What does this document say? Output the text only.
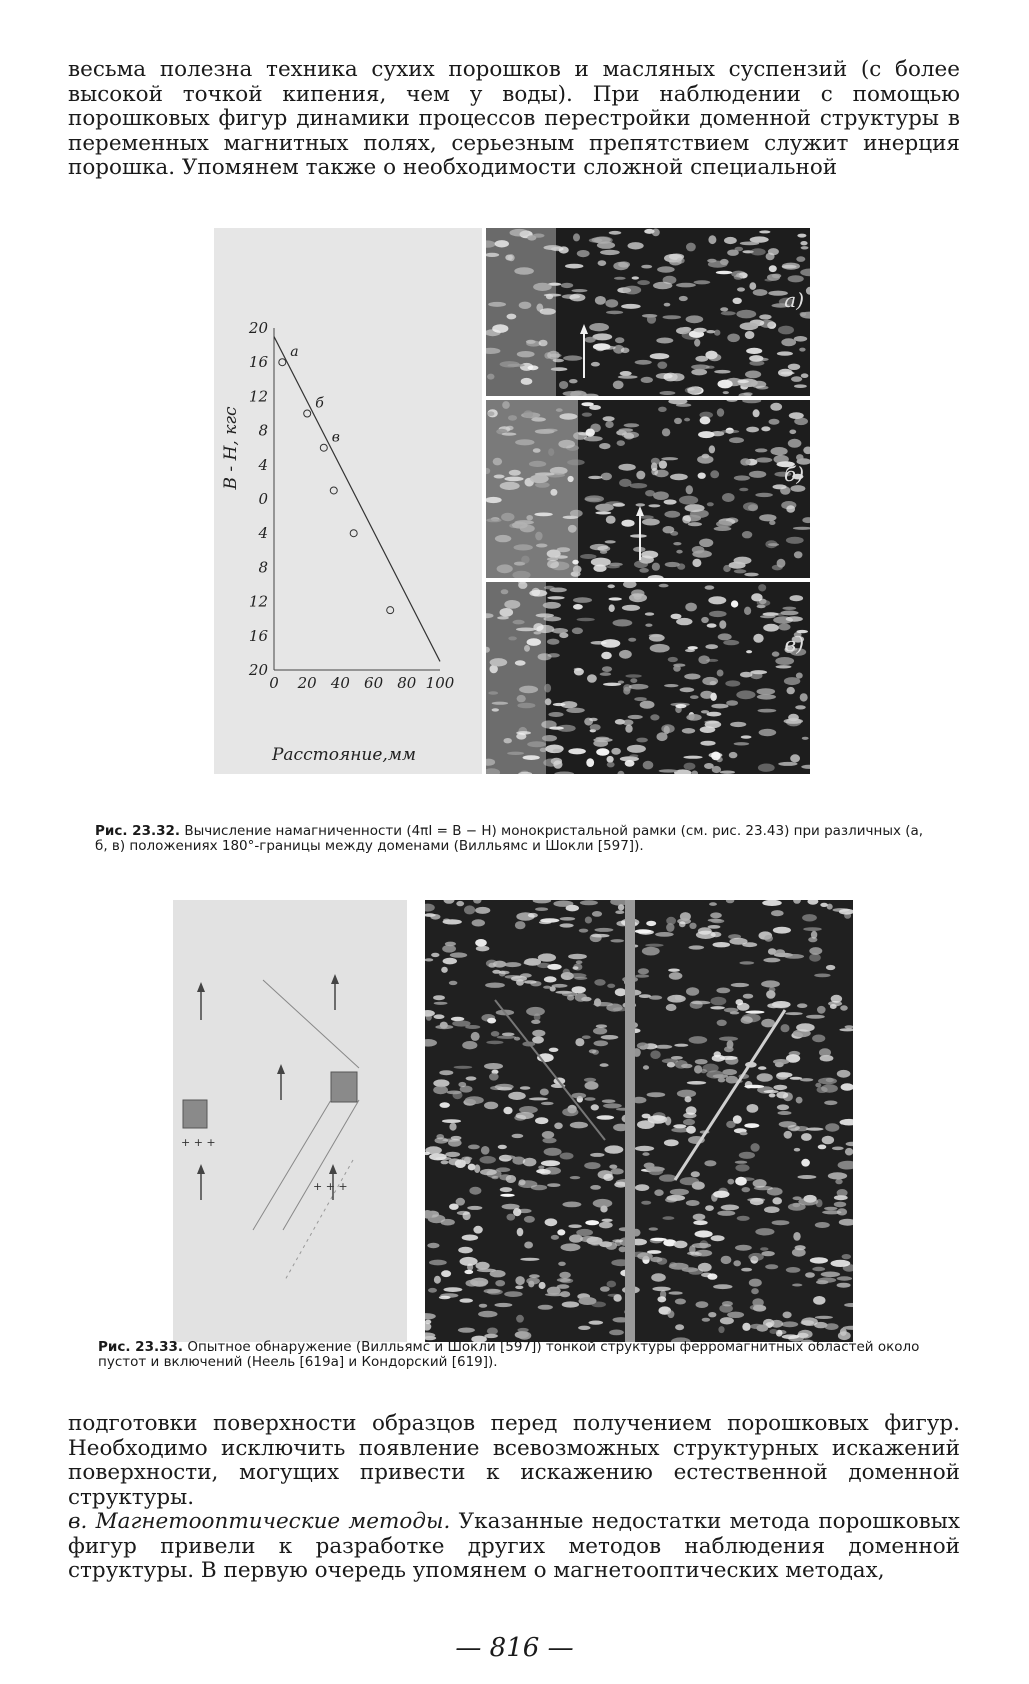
весьма полезна техника сухих порошков и масляных суспензий (с более высокой точкой кипения, чем у воды). При наблюдении с помощью порошковых фигур динамики процессов перестройки доменной структуры в переменных магнитных полях, серьезным препятствием служит инерция порошка. Упомянем также о необходимости сложной специальной

B - H, кгс
Расстояние,мм
20
16
12
8
4
0
4
8
12
16
20
0 20 40 60 80 100
а
б
в
а)
б)
в)

Рис. 23.32. Вычисление намагниченности (4πI = B − H) монокристальной рамки (см. рис. 23.43) при различных (а, б, в) положениях 180°-границы между доменами (Вилльямс и Шокли [597]).

+ + +
+ + +

Рис. 23.33. Опытное обнаружение (Вилльямс и Шокли [597]) тонкой структуры ферромагнитных областей около пустот и включений (Неель [619а] и Кондорский [619]).

подготовки поверхности образцов перед получением порошковых фигур. Необходимо исключить появление всевозможных структурных искажений поверхности, могущих привести к искажению естественной доменной структуры.

в. Магнетооптические методы. Указанные недостатки метода порошковых фигур привели к разработке других методов наблюдения доменной структуры. В первую очередь упомянем о магнетооптических методах,

— 816 —
